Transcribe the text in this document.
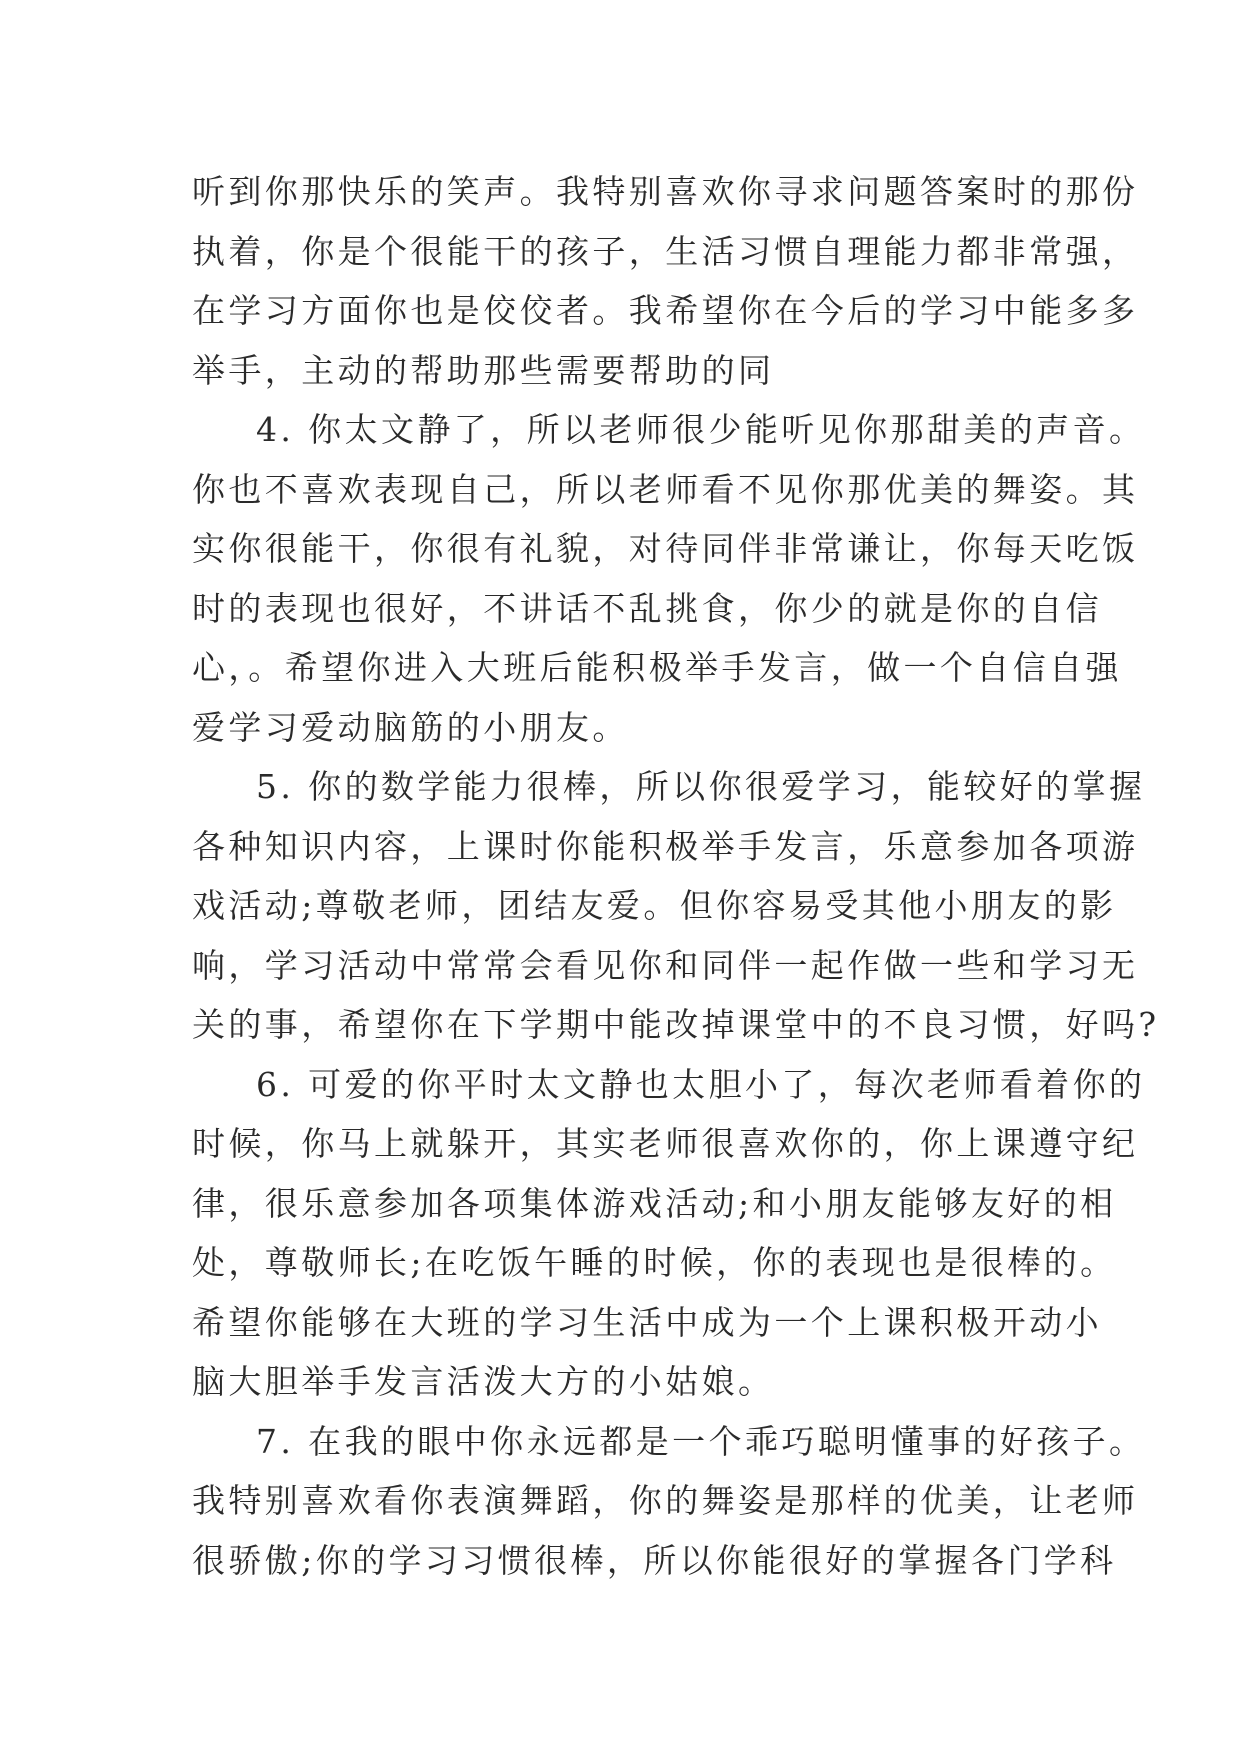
听到你那快乐的笑声。我特别喜欢你寻求问题答案时的那份
执着，你是个很能干的孩子，生活习惯自理能力都非常强，
在学习方面你也是佼佼者。我希望你在今后的学习中能多多
举手，主动的帮助那些需要帮助的同
4. 你太文静了，所以老师很少能听见你那甜美的声音。
你也不喜欢表现自己，所以老师看不见你那优美的舞姿。其
实你很能干，你很有礼貌，对待同伴非常谦让，你每天吃饭
时的表现也很好，不讲话不乱挑食，你少的就是你的自信
心，。希望你进入大班后能积极举手发言，做一个自信自强
爱学习爱动脑筋的小朋友。
5. 你的数学能力很棒，所以你很爱学习，能较好的掌握
各种知识内容，上课时你能积极举手发言，乐意参加各项游
戏活动;尊敬老师，团结友爱。但你容易受其他小朋友的影
响，学习活动中常常会看见你和同伴一起作做一些和学习无
关的事，希望你在下学期中能改掉课堂中的不良习惯，好吗?
6. 可爱的你平时太文静也太胆小了，每次老师看着你的
时候，你马上就躲开，其实老师很喜欢你的，你上课遵守纪
律，很乐意参加各项集体游戏活动;和小朋友能够友好的相
处，尊敬师长;在吃饭午睡的时候，你的表现也是很棒的。
希望你能够在大班的学习生活中成为一个上课积极开动小
脑大胆举手发言活泼大方的小姑娘。
7. 在我的眼中你永远都是一个乖巧聪明懂事的好孩子。
我特别喜欢看你表演舞蹈，你的舞姿是那样的优美，让老师
很骄傲;你的学习习惯很棒，所以你能很好的掌握各门学科
